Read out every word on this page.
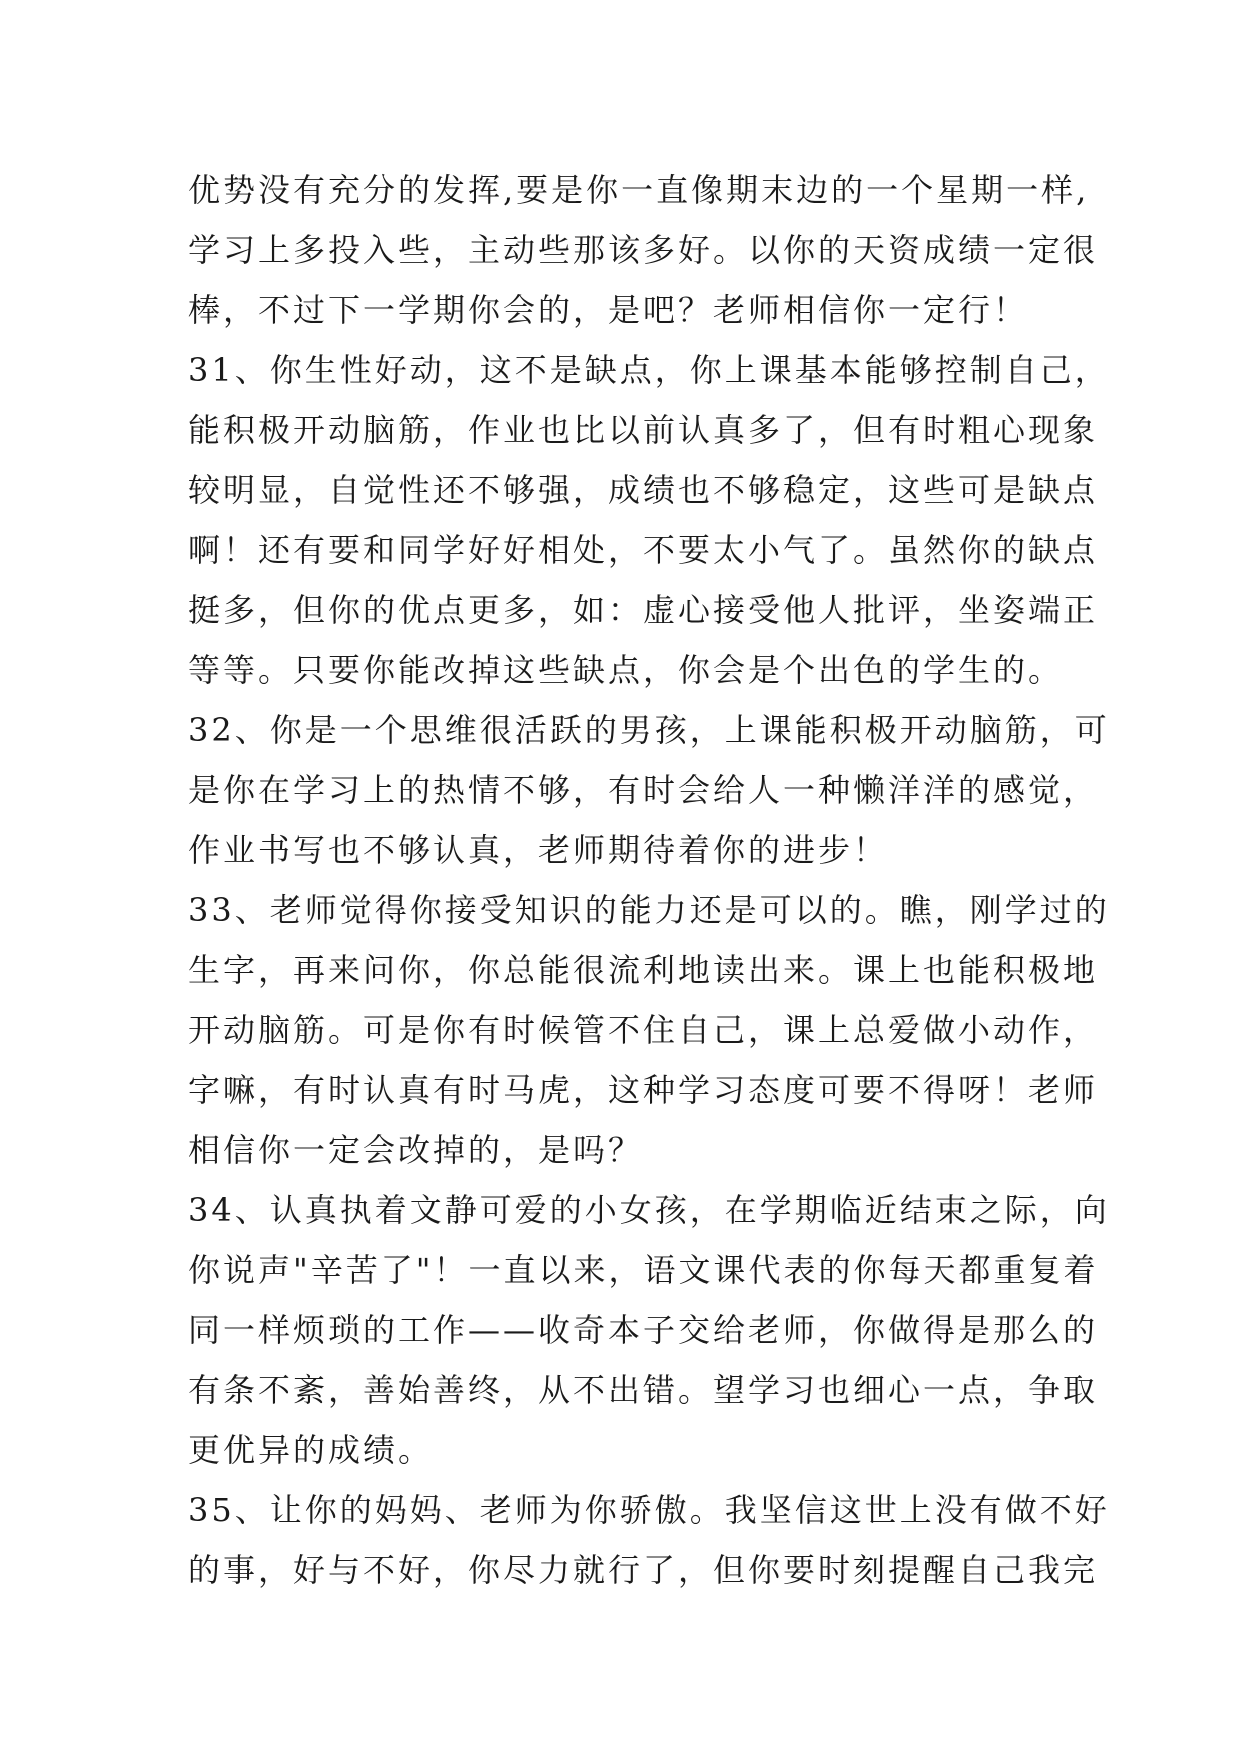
优势没有充分的发挥,要是你一直像期末边的一个星期一样,
学习上多投入些，主动些那该多好。以你的天资成绩一定很
棒，不过下一学期你会的，是吧？老师相信你一定行！
31、你生性好动，这不是缺点，你上课基本能够控制自己，
能积极开动脑筋，作业也比以前认真多了，但有时粗心现象
较明显，自觉性还不够强，成绩也不够稳定，这些可是缺点
啊！还有要和同学好好相处，不要太小气了。虽然你的缺点
挺多，但你的优点更多，如：虚心接受他人批评，坐姿端正
等等。只要你能改掉这些缺点，你会是个出色的学生的。
32、你是一个思维很活跃的男孩，上课能积极开动脑筋，可
是你在学习上的热情不够，有时会给人一种懒洋洋的感觉，
作业书写也不够认真，老师期待着你的进步！
33、老师觉得你接受知识的能力还是可以的。瞧，刚学过的
生字，再来问你，你总能很流利地读出来。课上也能积极地
开动脑筋。可是你有时候管不住自己，课上总爱做小动作，
字嘛，有时认真有时马虎，这种学习态度可要不得呀！老师
相信你一定会改掉的，是吗？
34、认真执着文静可爱的小女孩，在学期临近结束之际，向
你说声"辛苦了"！一直以来，语文课代表的你每天都重复着
同一样烦琐的工作——收奇本子交给老师，你做得是那么的
有条不紊，善始善终，从不出错。望学习也细心一点，争取
更优异的成绩。
35、让你的妈妈、老师为你骄傲。我坚信这世上没有做不好
的事，好与不好，你尽力就行了，但你要时刻提醒自己我完
